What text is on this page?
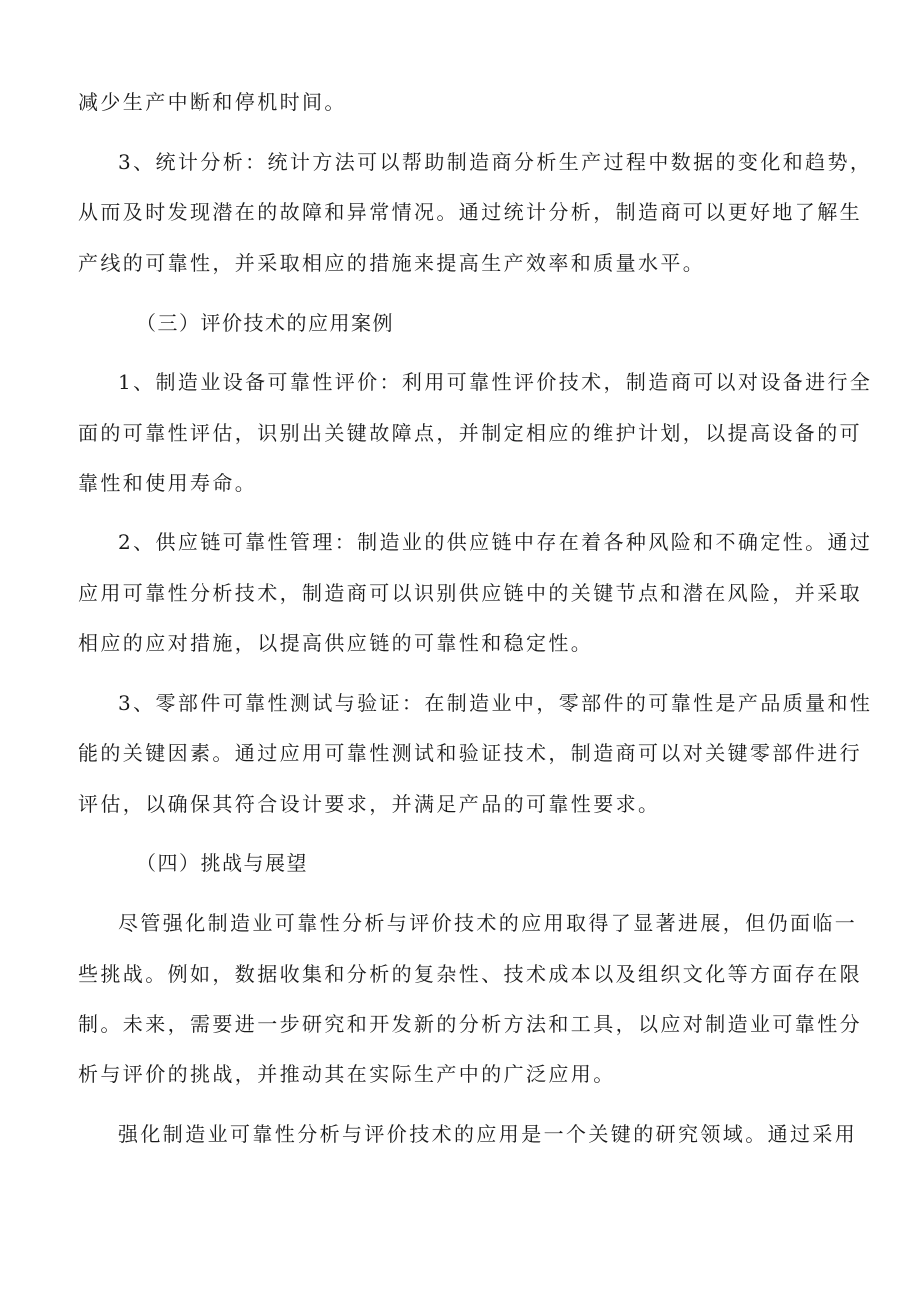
减少生产中断和停机时间。
3、统计分析：统计方法可以帮助制造商分析生产过程中数据的变化和趋势，
从而及时发现潜在的故障和异常情况。通过统计分析，制造商可以更好地了解生
产线的可靠性，并采取相应的措施来提高生产效率和质量水平。
（三）评价技术的应用案例
1、制造业设备可靠性评价：利用可靠性评价技术，制造商可以对设备进行全
面的可靠性评估，识别出关键故障点，并制定相应的维护计划，以提高设备的可
靠性和使用寿命。
2、供应链可靠性管理：制造业的供应链中存在着各种风险和不确定性。通过
应用可靠性分析技术，制造商可以识别供应链中的关键节点和潜在风险，并采取
相应的应对措施，以提高供应链的可靠性和稳定性。
3、零部件可靠性测试与验证：在制造业中，零部件的可靠性是产品质量和性
能的关键因素。通过应用可靠性测试和验证技术，制造商可以对关键零部件进行
评估，以确保其符合设计要求，并满足产品的可靠性要求。
（四）挑战与展望
尽管强化制造业可靠性分析与评价技术的应用取得了显著进展，但仍面临一
些挑战。例如，数据收集和分析的复杂性、技术成本以及组织文化等方面存在限
制。未来，需要进一步研究和开发新的分析方法和工具，以应对制造业可靠性分
析与评价的挑战，并推动其在实际生产中的广泛应用。
强化制造业可靠性分析与评价技术的应用是一个关键的研究领域。通过采用
